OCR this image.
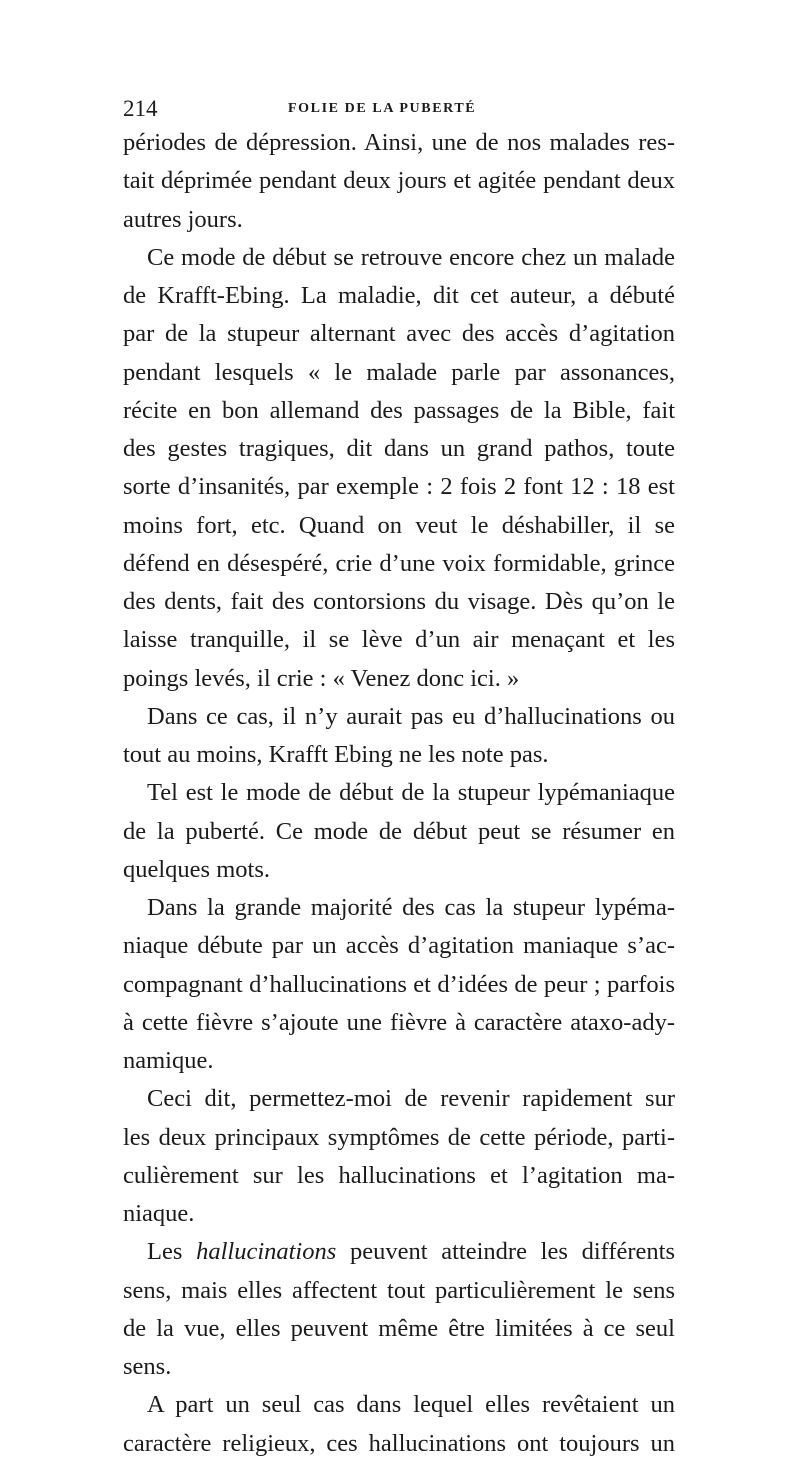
214	FOLIE DE LA PUBERTÉ
périodes de dépression. Ainsi, une de nos malades res-
tait déprimée pendant deux jours et agitée pendant deux
autres jours.
Ce mode de début se retrouve encore chez un malade
de Krafft-Ebing. La maladie, dit cet auteur, a débuté
par de la stupeur alternant avec des accès d’agitation
pendant lesquels « le malade parle par assonances,
récite en bon allemand des passages de la Bible, fait
des gestes tragiques, dit dans un grand pathos, toute
sorte d’insanités, par exemple : 2 fois 2 font 12 : 18 est
moins fort, etc. Quand on veut le déshabiller, il se
défend en désespéré, crie d’une voix formidable, grince
des dents, fait des contorsions du visage. Dès qu’on le
laisse tranquille, il se lève d’un air menaçant et les
poings levés, il crie : « Venez donc ici. »
Dans ce cas, il n’y aurait pas eu d’hallucinations ou
tout au moins, Krafft Ebing ne les note pas.
Tel est le mode de début de la stupeur lypémaniaque
de la puberté. Ce mode de début peut se résumer en
quelques mots.
Dans la grande majorité des cas la stupeur lypéma-
niaque débute par un accès d’agitation maniaque s’ac-
compagnant d’hallucinations et d’idées de peur ; parfois
à cette fièvre s’ajoute une fièvre à caractère ataxo-ady-
namique.
Ceci dit, permettez-moi de revenir rapidement sur
les deux principaux symptômes de cette période, parti-
culièrement sur les hallucinations et l’agitation ma-
niaque.
Les hallucinations peuvent atteindre les différents
sens, mais elles affectent tout particulièrement le sens
de la vue, elles peuvent même être limitées à ce seul
sens.
A part un seul cas dans lequel elles revêtaient un
caractère religieux, ces hallucinations ont toujours un
